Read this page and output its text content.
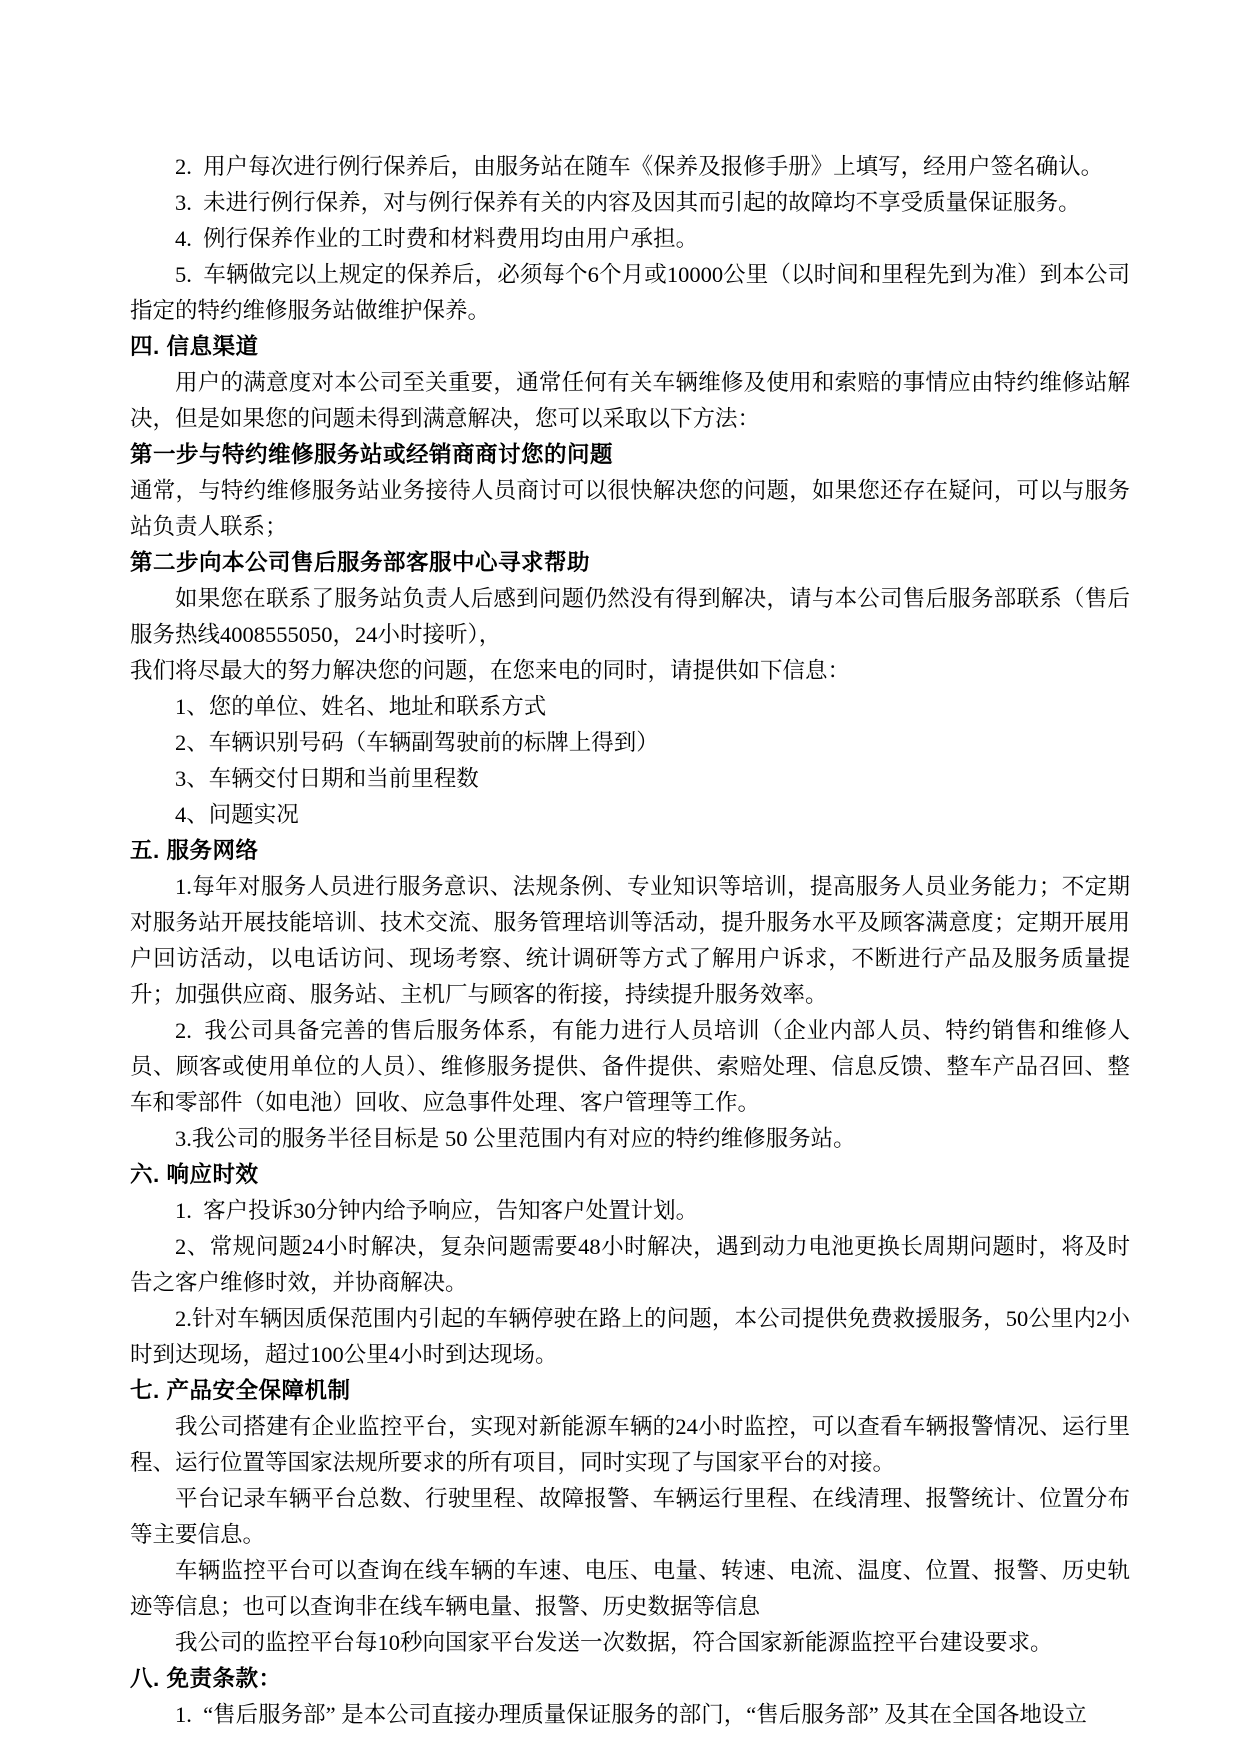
2.  用户每次进行例行保养后，由服务站在随车《保养及报修手册》上填写，经用户签名确认。

3.  未进行例行保养，对与例行保养有关的内容及因其而引起的故障均不享受质量保证服务。

4.  例行保养作业的工时费和材料费用均由用户承担。

5.  车辆做完以上规定的保养后，必须每个6个月或10000公里（以时间和里程先到为准）到本公司指定的特约维修服务站做维护保养。

四. 信息渠道

用户的满意度对本公司至关重要，通常任何有关车辆维修及使用和索赔的事情应由特约维修站解决，但是如果您的问题未得到满意解决，您可以采取以下方法：

第一步与特约维修服务站或经销商商讨您的问题

通常，与特约维修服务站业务接待人员商讨可以很快解决您的问题，如果您还存在疑问，可以与服务站负责人联系；

第二步向本公司售后服务部客服中心寻求帮助

如果您在联系了服务站负责人后感到问题仍然没有得到解决，请与本公司售后服务部联系（售后服务热线4008555050，24小时接听），

我们将尽最大的努力解决您的问题，在您来电的同时，请提供如下信息：

1、您的单位、姓名、地址和联系方式

2、车辆识别号码（车辆副驾驶前的标牌上得到）

3、车辆交付日期和当前里程数

4、问题实况

五. 服务网络

1.每年对服务人员进行服务意识、法规条例、专业知识等培训，提高服务人员业务能力；不定期对服务站开展技能培训、技术交流、服务管理培训等活动，提升服务水平及顾客满意度；定期开展用户回访活动，以电话访问、现场考察、统计调研等方式了解用户诉求，不断进行产品及服务质量提升；加强供应商、服务站、主机厂与顾客的衔接，持续提升服务效率。

2.  我公司具备完善的售后服务体系，有能力进行人员培训（企业内部人员、特约销售和维修人员、顾客或使用单位的人员）、维修服务提供、备件提供、索赔处理、信息反馈、整车产品召回、整车和零部件（如电池）回收、应急事件处理、客户管理等工作。

3.我公司的服务半径目标是 50 公里范围内有对应的特约维修服务站。

六. 响应时效

1.  客户投诉30分钟内给予响应，告知客户处置计划。

2、常规问题24小时解决，复杂问题需要48小时解决，遇到动力电池更换长周期问题时，将及时告之客户维修时效，并协商解决。

2.针对车辆因质保范围内引起的车辆停驶在路上的问题，本公司提供免费救援服务，50公里内2小时到达现场，超过100公里4小时到达现场。

七. 产品安全保障机制

我公司搭建有企业监控平台，实现对新能源车辆的24小时监控，可以查看车辆报警情况、运行里程、运行位置等国家法规所要求的所有项目，同时实现了与国家平台的对接。

平台记录车辆平台总数、行驶里程、故障报警、车辆运行里程、在线清理、报警统计、位置分布等主要信息。

车辆监控平台可以查询在线车辆的车速、电压、电量、转速、电流、温度、位置、报警、历史轨迹等信息；也可以查询非在线车辆电量、报警、历史数据等信息

我公司的监控平台每10秒向国家平台发送一次数据，符合国家新能源监控平台建设要求。

八. 免责条款：

1.  “售后服务部” 是本公司直接办理质量保证服务的部门，“售后服务部” 及其在全国各地设立
